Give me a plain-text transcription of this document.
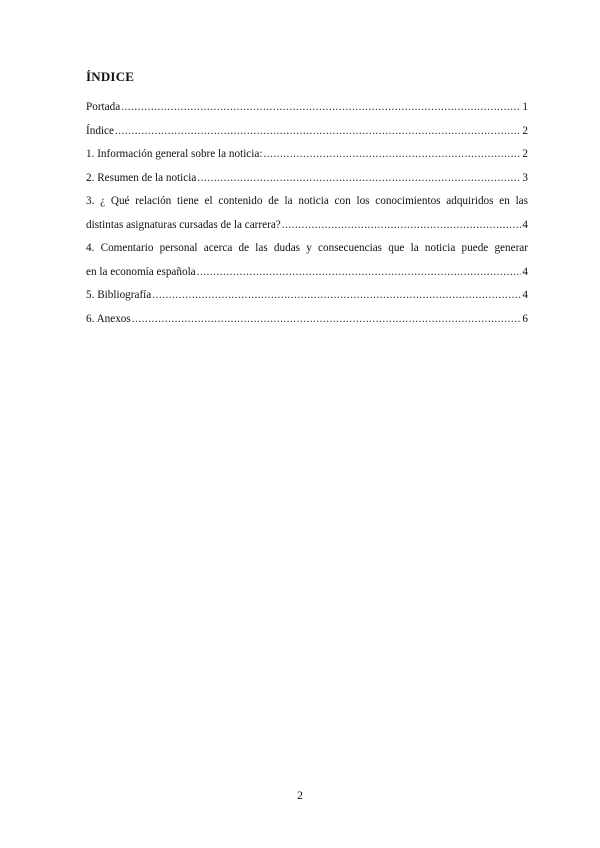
ÍNDICE
Portada .....	1
Índice .....	2
1. Información general sobre la noticia: .....	2
2. Resumen de la noticia .....	3
3. ¿ Qué relación tiene el contenido de la noticia con los conocimientos adquiridos en las
distintas asignaturas cursadas de la carrera? .....	4
4. Comentario personal acerca de las dudas y consecuencias que la noticia puede generar
en la economía española .....	4
5. Bibliografía .....	4
6. Anexos .....	6
2
